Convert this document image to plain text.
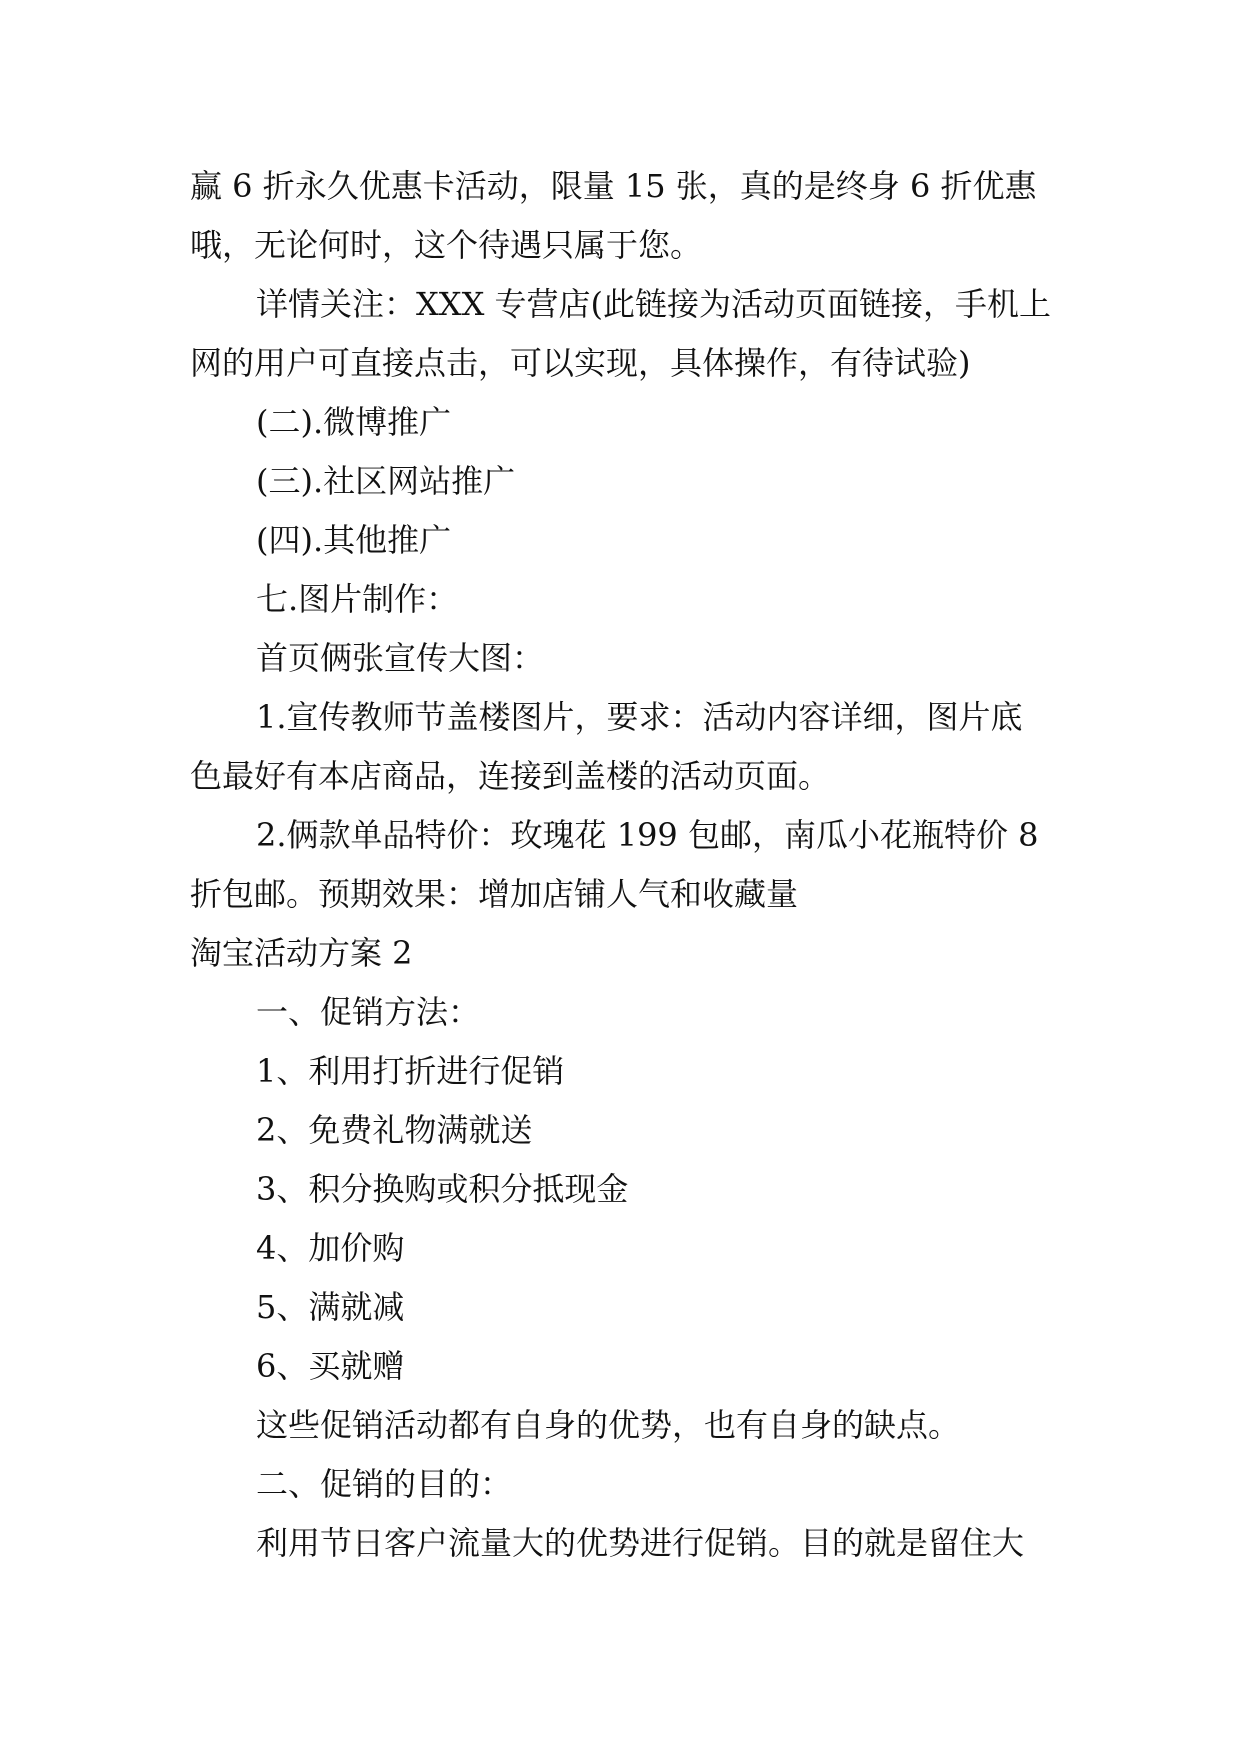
赢 6 折永久优惠卡活动，限量 15 张，真的是终身 6 折优惠
哦，无论何时，这个待遇只属于您。
详情关注：XXX 专营店(此链接为活动页面链接，手机上
网的用户可直接点击，可以实现，具体操作，有待试验)
(二).微博推广
(三).社区网站推广
(四).其他推广
七.图片制作：
首页俩张宣传大图：
1.宣传教师节盖楼图片，要求：活动内容详细，图片底
色最好有本店商品，连接到盖楼的活动页面。
2.俩款单品特价：玫瑰花 199 包邮，南瓜小花瓶特价 8
折包邮。预期效果：增加店铺人气和收藏量
淘宝活动方案 2
一、促销方法：
1、利用打折进行促销
2、免费礼物满就送
3、积分换购或积分抵现金
4、加价购
5、满就减
6、买就赠
这些促销活动都有自身的优势，也有自身的缺点。
二、促销的目的：
利用节日客户流量大的优势进行促销。目的就是留住大
